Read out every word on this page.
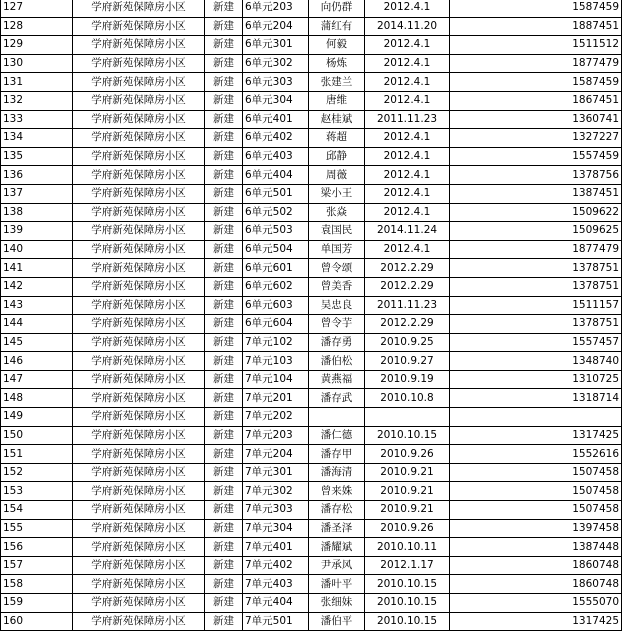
127	学府新苑保障房小区	新建	6单元203	向仍群	2012.4.1	1587459
128	学府新苑保障房小区	新建	6单元204	蒲红有	2014.11.20	1887451
129	学府新苑保障房小区	新建	6单元301	何毅	2012.4.1	1511512
130	学府新苑保障房小区	新建	6单元302	杨炼	2012.4.1	1877479
131	学府新苑保障房小区	新建	6单元303	张建兰	2012.4.1	1587459
132	学府新苑保障房小区	新建	6单元304	唐维	2012.4.1	1867451
133	学府新苑保障房小区	新建	6单元401	赵桂斌	2011.11.23	1360741
134	学府新苑保障房小区	新建	6单元402	蒋超	2012.4.1	1327227
135	学府新苑保障房小区	新建	6单元403	邱静	2012.4.1	1557459
136	学府新苑保障房小区	新建	6单元404	周薇	2012.4.1	1378756
137	学府新苑保障房小区	新建	6单元501	梁小王	2012.4.1	1387451
138	学府新苑保障房小区	新建	6单元502	张焱	2012.4.1	1509622
139	学府新苑保障房小区	新建	6单元503	袁国民	2014.11.24	1509625
140	学府新苑保障房小区	新建	6单元504	单国芳	2012.4.1	1877479
141	学府新苑保障房小区	新建	6单元601	曾令颂	2012.2.29	1378751
142	学府新苑保障房小区	新建	6单元602	曾美香	2012.2.29	1378751
143	学府新苑保障房小区	新建	6单元603	吴忠良	2011.11.23	1511157
144	学府新苑保障房小区	新建	6单元604	曾令芋	2012.2.29	1378751
145	学府新苑保障房小区	新建	7单元102	潘存勇	2010.9.25	1557457
146	学府新苑保障房小区	新建	7单元103	潘伯松	2010.9.27	1348740
147	学府新苑保障房小区	新建	7单元104	黄燕福	2010.9.19	1310725
148	学府新苑保障房小区	新建	7单元201	潘存武	2010.10.8	1318714
149	学府新苑保障房小区	新建	7单元202			
150	学府新苑保障房小区	新建	7单元203	潘仁德	2010.10.15	1317425
151	学府新苑保障房小区	新建	7单元204	潘存甲	2010.9.26	1552616
152	学府新苑保障房小区	新建	7单元301	潘海清	2010.9.21	1507458
153	学府新苑保障房小区	新建	7单元302	曾来姝	2010.9.21	1507458
154	学府新苑保障房小区	新建	7单元303	潘存松	2010.9.21	1507458
155	学府新苑保障房小区	新建	7单元304	潘圣泽	2010.9.26	1397458
156	学府新苑保障房小区	新建	7单元401	潘耀斌	2010.10.11	1387448
157	学府新苑保障房小区	新建	7单元402	尹承风	2012.1.17	1860748
158	学府新苑保障房小区	新建	7单元403	潘叶平	2010.10.15	1860748
159	学府新苑保障房小区	新建	7单元404	张细妹	2010.10.15	1555070
160	学府新苑保障房小区	新建	7单元501	潘伯平	2010.10.15	1317425
